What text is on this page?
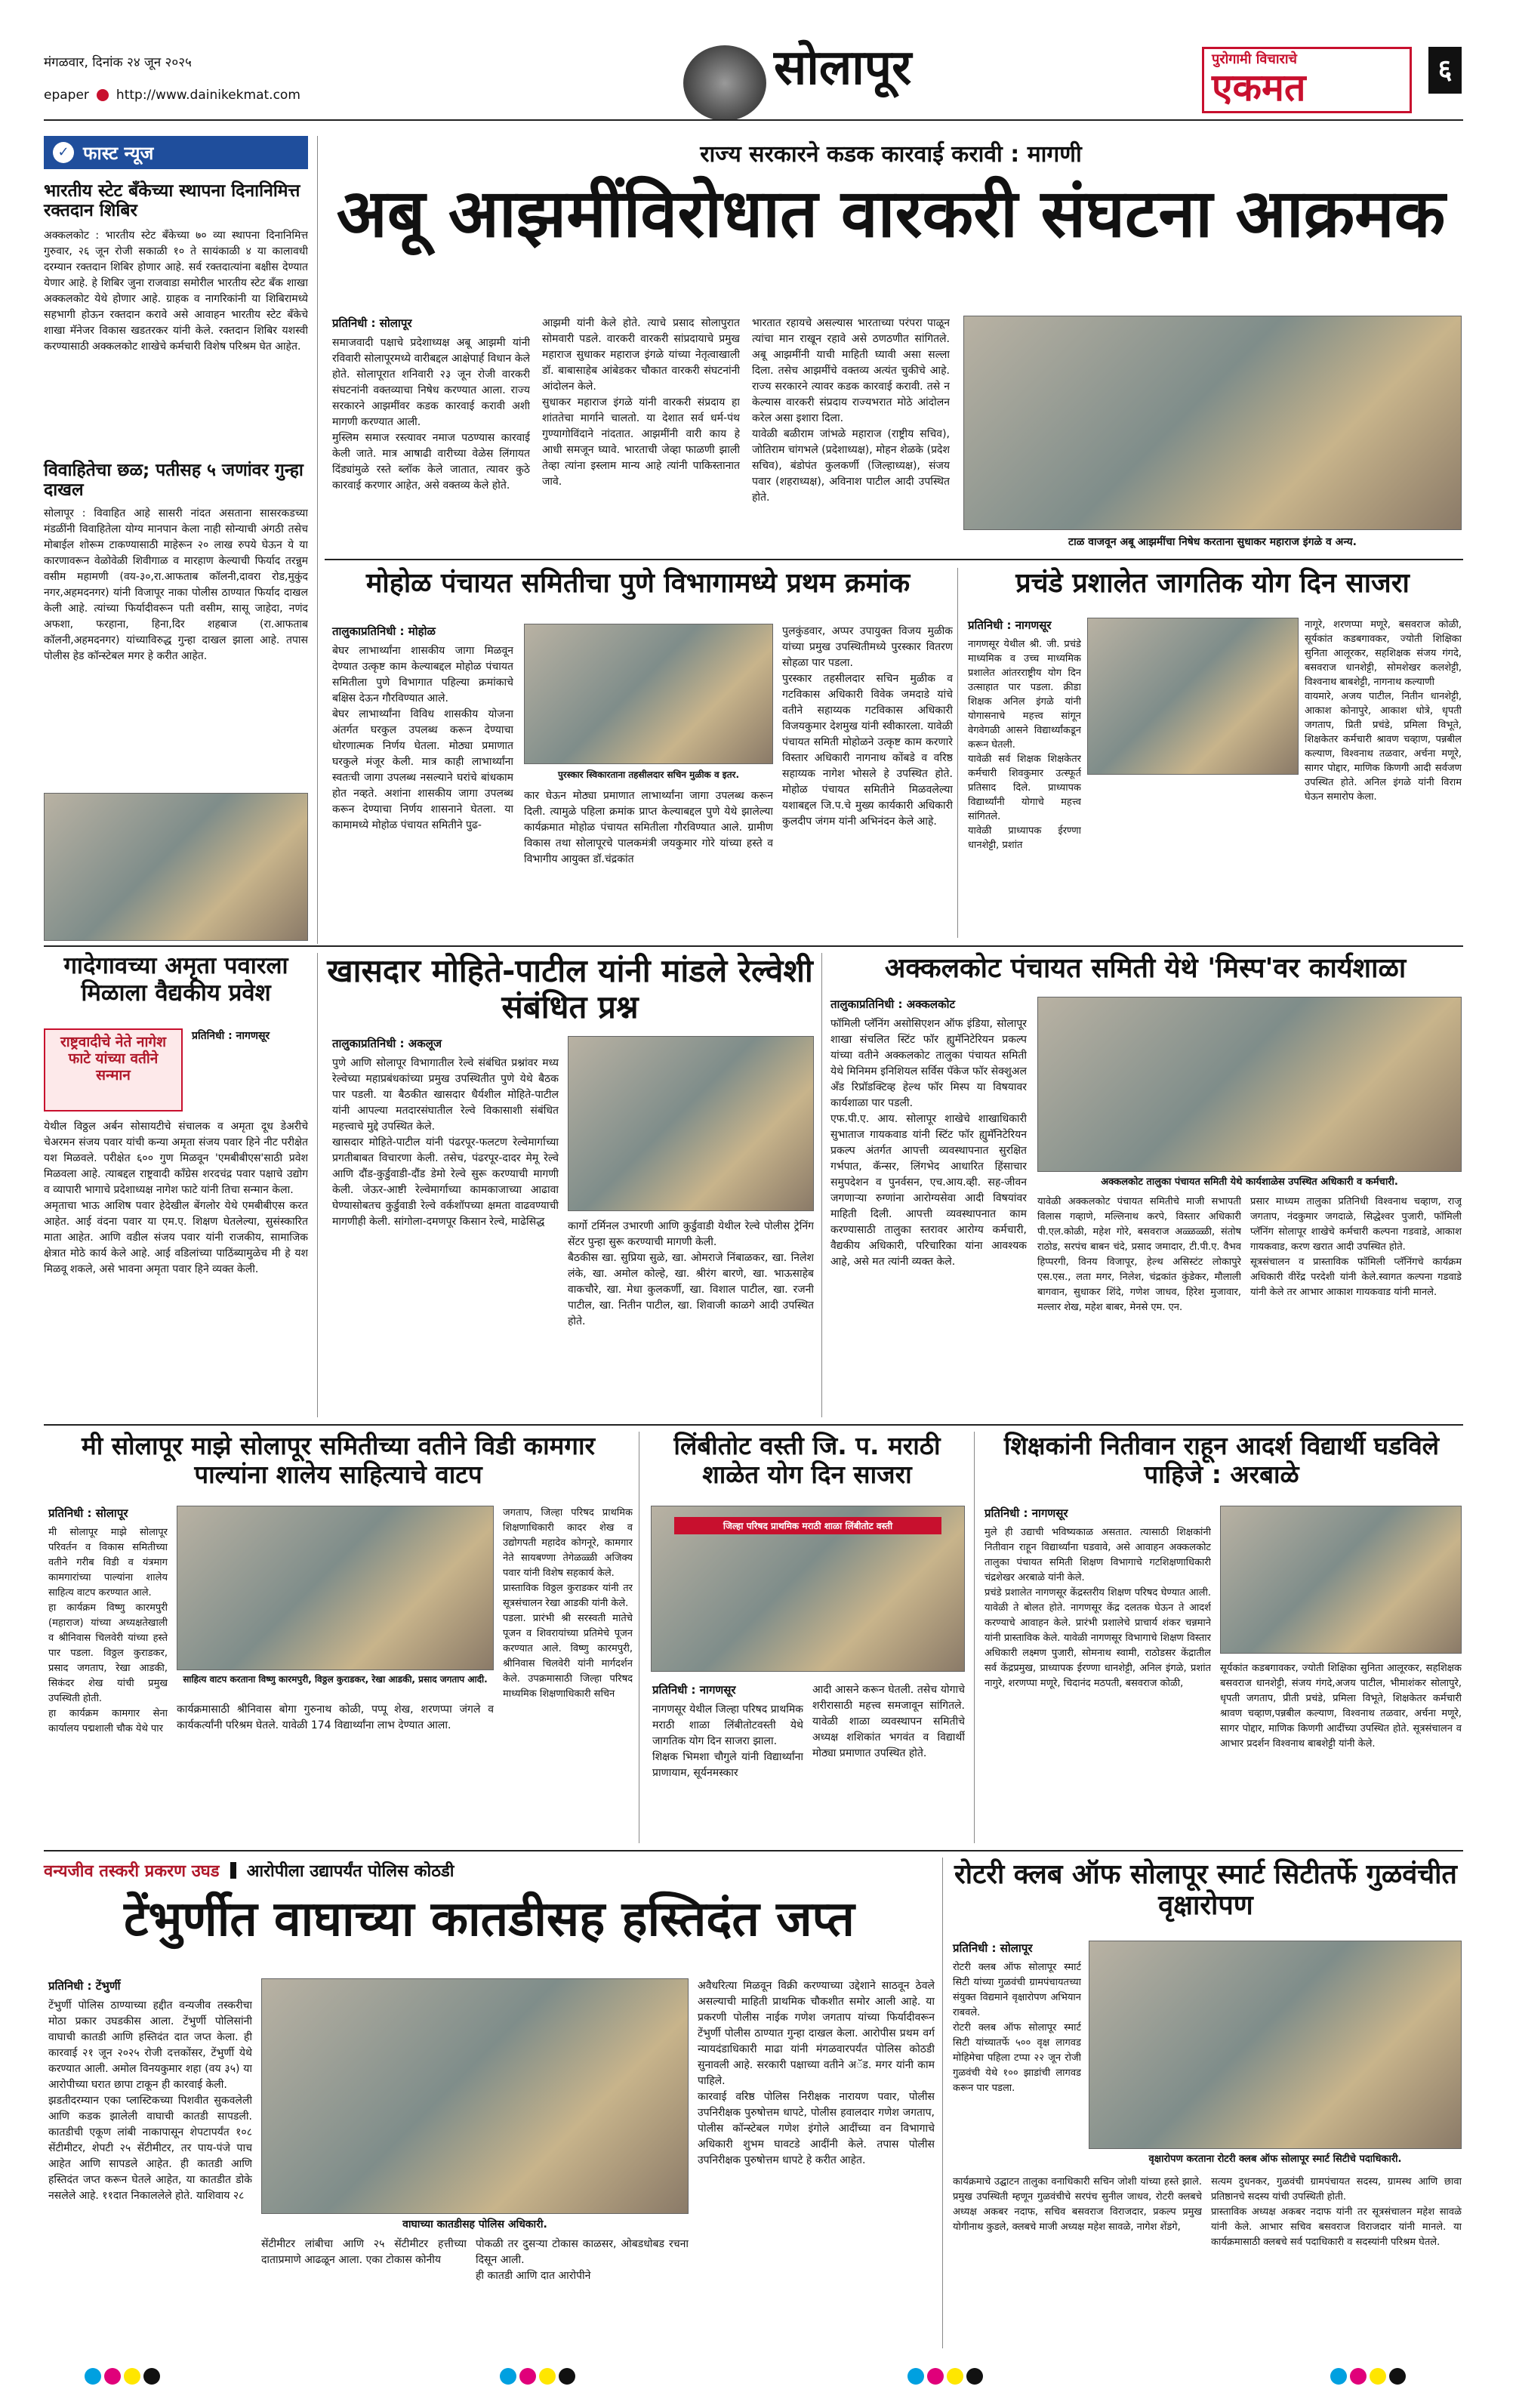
मंगळवार, दिनांक २४ जून २०२५
epaper http://www.dainikekmat.com	सोलापूर	पुरोगामी विचाराचे
एकमत	६
✓ फास्ट न्यूज
भारतीय स्टेट बँकेच्या स्थापना दिनानिमित्त रक्तदान शिबिर

अक्कलकोट : भारतीय स्टेट बँकेच्या ७० व्या स्थापना दिनानिमित्त गुरुवार, २६ जून रोजी सकाळी १० ते सायंकाळी ४ या कालावधी दरम्यान रक्तदान शिबिर होणार आहे. सर्व रक्तदात्यांना बक्षीस देण्यात येणार आहे. हे शिबिर जुना राजवाडा समोरील भारतीय स्टेट बँक शाखा अक्कलकोट येथे होणार आहे. ग्राहक व नागरिकांनी या शिबिरामध्ये सहभागी होऊन रक्तदान करावे असे आवाहन भारतीय स्टेट बँकेचे शाखा मॅनेजर विकास खडतरकर यांनी केले. रक्तदान शिबिर यशस्वी करण्यासाठी अक्कलकोट शाखेचे कर्मचारी विशेष परिश्रम घेत आहेत.

विवाहितेचा छळ; पतीसह ५ जणांवर गुन्हा दाखल

सोलापूर : विवाहित आहे सासरी नांदत असताना सासरकडच्या मंडळींनी विवाहितेला योग्य मानपान केला नाही सोन्याची अंगठी तसेच मोबाईल शोरूम टाकण्यासाठी माहेरून २० लाख रुपये घेऊन ये या कारणावरून वेळोवेळी शिवीगाळ व मारहाण केल्याची फिर्याद तरन्नुम वसीम महामणी (वय-३०,रा.आफताब कॉलनी,दावरा रोड,मुकुंद नगर,अहमदनगर) यांनी विजापूर नाका पोलीस ठाण्यात फिर्याद दाखल केली आहे. त्यांच्या फिर्यादीवरून पती वसीम, सासू जाहेदा, नणंद अफशा, फरहाना, हिना,दिर शहबाज (रा.आफताब कॉलनी,अहमदनगर) यांच्याविरुद्ध गुन्हा दाखल झाला आहे. तपास पोलीस हेड कॉन्स्टेबल मगर हे करीत आहेत.

राज्य सरकारने कडक कारवाई करावी : मागणी
अबू आझमींविरोधात वारकरी संघटना आक्रमक
प्रतिनिधी : सोलापूर

समाजवादी पक्षाचे प्रदेशाध्यक्ष अबू आझमी यांनी रविवारी सोलापूरमध्ये वारीबद्दल आक्षेपार्ह विधान केले होते. सोलापूरात शनिवारी २३ जून रोजी वारकरी संघटनांनी वक्तव्याचा निषेध करण्यात आला. राज्य सरकारने आझमींवर कडक कारवाई करावी अशी मागणी करण्यात आली.
मुस्लिम समाज रस्त्यावर नमाज पठण्यास कारवाई केली जाते. मात्र आषाढी वारीच्या वेळेस लिंगायत दिंड्यांमुळे रस्ते ब्लॉक केले जातात, त्यावर कुठे कारवाई करणार आहेत, असे वक्तव्य केले होते.

आझमी यांनी केले होते. त्याचे प्रसाद सोलापुरात सोमवारी पडले. वारकरी वारकरी सांप्रदायाचे प्रमुख महाराज सुधाकर महाराज इंगळे यांच्या नेतृत्वाखाली डॉ. बाबासाहेब आंबेडकर चौकात वारकरी संघटनांनी आंदोलन केले.
सुधाकर महाराज इंगळे यांनी वारकरी संप्रदाय हा शांततेचा मार्गाने चालतो. या देशात सर्व धर्म-पंथ गुण्यागोविंदाने नांदतात. आझमींनी वारी काय हे आधी समजून घ्यावे. भारताची जेव्हा फाळणी झाली तेव्हा त्यांना इस्लाम मान्य आहे त्यांनी पाकिस्तानात जावे.

भारतात रहायचे असल्यास भारताच्या परंपरा पाळून त्यांचा मान राखून रहावे असे ठणठणीत सांगितले. अबू आझमींनी याची माहिती घ्यावी असा सल्ला दिला. तसेच आझमींचे वक्तव्य अत्यंत चुकीचे आहे. राज्य सरकारने त्यावर कडक कारवाई करावी. तसे न केल्यास वारकरी संप्रदाय राज्यभरात मोठे आंदोलन करेल असा इशारा दिला.
यावेळी बळीराम जांभळे महाराज (राष्ट्रीय सचिव), जोतिराम चांगभले (प्रदेशाध्यक्ष), मोहन शेळके (प्रदेश सचिव), बंडोपंत कुलकर्णी (जिल्हाध्यक्ष), संजय पवार (शहराध्यक्ष), अविनाश पाटील आदी उपस्थित होते.

टाळ वाजवून अबू आझमींचा निषेध करताना सुधाकर महाराज इंगळे व अन्य.
मोहोळ पंचायत समितीचा पुणे विभागामध्ये प्रथम क्रमांक
तालुकाप्रतिनिधी : मोहोळ

बेघर लाभार्थ्यांना शासकीय जागा मिळवून देण्यात उत्कृष्ट काम केल्याबद्दल मोहोळ पंचायत समितीला पुणे विभागात पहिल्या क्रमांकाचे बक्षिस देऊन गौरविण्यात आले.
बेघर लाभार्थ्यांना विविध शासकीय योजना अंतर्गत घरकुल उपलब्ध करून देण्याचा धोरणात्मक निर्णय घेतला. मोठ्या प्रमाणात घरकुले मंजूर केली. मात्र काही लाभार्थ्यांना स्वतःची जागा उपलब्ध नसल्याने घरांचे बांधकाम होत नव्हते. अशांना शासकीय जागा उपलब्ध करून देण्याचा निर्णय शासनाने घेतला. या कामामध्ये मोहोळ पंचायत समितीने पुढ-

पुरस्कार स्विकारताना तहसीलदार सचिन मुळीक व इतर.

कार घेऊन मोठ्या प्रमाणात लाभार्थ्यांना जागा उपलब्ध करून दिली. त्यामुळे पहिला क्रमांक प्राप्त केल्याबद्दल पुणे येथे झालेल्या कार्यक्रमात मोहोळ पंचायत समितीला गौरविण्यात आले. ग्रामीण विकास तथा सोलापूरचे पालकमंत्री जयकुमार गोरे यांच्या हस्ते व विभागीय आयुक्त डॉ.चंद्रकांत

पुलकुंडवार, अप्पर उपायुक्त विजय मुळीक यांच्या प्रमुख उपस्थितीमध्ये पुरस्कार वितरण सोहळा पार पडला.
पुरस्कार तहसीलदार सचिन मुळीक व गटविकास अधिकारी विवेक जमदाडे यांचे वतीने सहाय्यक गटविकास अधिकारी विजयकुमार देशमुख यांनी स्वीकारला. यावेळी पंचायत समिती मोहोळने उत्कृष्ट काम करणारे विस्तार अधिकारी नागनाथ कोंबडे व वरिष्ठ सहाय्यक नागेश भोसले हे उपस्थित होते. मोहोळ पंचायत समितीने मिळवलेल्या यशाबद्दल जि.प.चे मुख्य कार्यकारी अधिकारी कुलदीप जंगम यांनी अभिनंदन केले आहे.

प्रचंडे प्रशालेत जागतिक योग दिन साजरा
प्रतिनिधी : नागणसूर

नागणसूर येथील श्री. जी. प्रचंडे माध्यमिक व उच्च माध्यमिक प्रशालेत आंतरराष्ट्रीय योग दिन उत्साहात पार पडला. क्रीडा शिक्षक अनिल इंगळे यांनी योगासनाचे महत्त्व सांगून वेगवेगळी आसने विद्यार्थ्यांकडून करून घेतली.
यावेळी सर्व शिक्षक शिक्षकेतर कर्मचारी शिवकुमार उत्स्फूर्त प्रतिसाद दिले. प्राध्यापक विद्यार्थ्यांनी योगाचे महत्त्व सांगितले.
यावेळी प्राध्यापक ईरण्णा धानशेट्टी, प्रशांत

नागूरे, शरणप्पा मणूरे, बसवराज कोळी, सूर्यकांत कडबगावकर, ज्योती शिक्षिका सुनिता आलूरकर, सहशिक्षक संजय गंगदे, बसवराज धानशेट्टी, सोमशेखर कलशेट्टी, विश्वनाथ बाबशेट्टी, नागनाथ कल्याणी
वायमारे, अजय पाटील, नितीन धानशेट्टी, आकाश कोनापुरे, आकाश धोत्रे, धृपती जगताप, प्रिती प्रचंडे, प्रमिला विभूते, शिक्षकेतर कर्मचारी श्रावण चव्हाण, पन्नबील कल्याण, विश्वनाथ तळवार, अर्चना मणूरे, सागर पोद्दार, माणिक किणगी आदी सर्वजण उपस्थित होते. अनिल इंगळे यांनी विराम घेऊन समारोप केला.

गादेगावच्या अमृता पवारला मिळाला वैद्यकीय प्रवेश
राष्ट्रवादीचे नेते नागेश फाटे यांच्या वतीने सन्मान
प्रतिनिधी : नागणसूर

येथील विठ्ठल अर्बन सोसायटीचे संचालक व अमृता दूध डेअरीचे चेअरमन संजय पवार यांची कन्या अमृता संजय पवार हिने नीट परीक्षेत यश मिळवले. परीक्षेत ६०० गुण मिळवून 'एमबीबीएस'साठी प्रवेश मिळवला आहे. त्याबद्दल राष्ट्रवादी काँग्रेस शरदचंद्र पवार पक्षाचे उद्योग व व्यापारी भागाचे प्रदेशाध्यक्ष नागेश फाटे यांनी तिचा सन्मान केला.
अमृताचा भाऊ आशिष पवार हेदेखील बेंगलोर येथे एमबीबीएस करत आहेत. आई वंदना पवार या एम.ए. शिक्षण घेतलेल्या, सुसंस्कारित माता आहेत. आणि वडील संजय पवार यांनी राजकीय, सामाजिक क्षेत्रात मोठे कार्य केले आहे. आई वडिलांच्या पाठिंब्यामुळेच मी हे यश मिळवू शकले, असे भावना अमृता पवार हिने व्यक्त केली.

खासदार मोहिते-पाटील यांनी मांडले रेल्वेशी संबंधित प्रश्न
तालुकाप्रतिनिधी : अकलूज

पुणे आणि सोलापूर विभागातील रेल्वे संबंधित प्रश्नांवर मध्य रेल्वेच्या महाप्रबंधकांच्या प्रमुख उपस्थितीत पुणे येथे बैठक पार पडली. या बैठकीत खासदार धैर्यशील मोहिते-पाटील यांनी आपल्या मतदारसंघातील रेल्वे विकासाशी संबंधित महत्त्वाचे मुद्दे उपस्थित केले.
खासदार मोहिते-पाटील यांनी पंढरपूर-फलटण रेल्वेमार्गाच्या प्रगतीबाबत विचारणा केली. तसेच, पंढरपूर-दादर मेमू रेल्वे आणि दौंड-कुर्डुवाडी-दौंड डेमो रेल्वे सुरू करण्याची मागणी केली. जेऊर-आष्टी रेल्वेमार्गाच्या कामकाजाच्या आढावा घेण्यासोबतच कुर्डुवाडी रेल्वे वर्कशॉपच्या क्षमता वाढवण्याची मागणीही केली. सांगोला-दमणपूर किसान रेल्वे, माढेसिद्ध	कार्गो टर्मिनल उभारणी आणि कुर्डुवाडी येथील रेल्वे पोलीस ट्रेनिंग सेंटर पुन्हा सुरू करण्याची मागणी केली.
बैठकीस खा. सुप्रिया सुळे, खा. ओमराजे निंबाळकर, खा. निलेश लंके, खा. अमोल कोल्हे, खा. श्रीरंग बारणे, खा. भाऊसाहेब वाकचौरे, खा. मेधा कुलकर्णी, खा. विशाल पाटील, खा. रजनी पाटील, खा. नितीन पाटील, खा. शिवाजी काळगे आदी उपस्थित होते.

अक्कलकोट पंचायत समिती येथे 'मिस्प'वर कार्यशाळा
तालुकाप्रतिनिधी : अक्कलकोट

फॉमिली प्लॅनिंग असोसिएशन ऑफ इंडिया, सोलापूर शाखा संचलित स्टिंट फॉर ह्युमॅनिटेरियन प्रकल्प यांच्या वतीने अक्कलकोट तालुका पंचायत समिती येथे मिनिमम इनिशियल सर्विस पॅकेज फॉर सेक्शुअल अँड रिप्रॉडक्टिव्ह हेल्थ फॉर मिस्प या विषयावर कार्यशाळा पार पडली.
एफ.पी.ए. आय. सोलापूर शाखेचे शाखाधिकारी सुभाताज गायकवाड यांनी स्टिंट फॉर ह्युमॅनिटेरियन प्रकल्प अंतर्गत आपत्ती व्यवस्थापनात सुरक्षित गर्भपात, कॅन्सर, लिंगभेद आधारित हिंसाचार समुपदेशन व पुनर्वसन, एच.आय.व्ही. सह-जीवन जगणाऱ्या रुग्णांना आरोग्यसेवा आदी विषयांवर माहिती दिली. आपत्ती व्यवस्थापनात काम करण्यासाठी तालुका स्तरावर आरोग्य कर्मचारी, वैद्यकीय अधिकारी, परिचारिका यांना आवश्यक आहे, असे मत त्यांनी व्यक्त केले.

अक्कलकोट तालुका पंचायत समिती येथे कार्यशाळेस उपस्थित अधिकारी व कर्मचारी.

यावेळी अक्कलकोट पंचायत समितीचे माजी सभापती विलास गव्हाणे, मल्लिनाथ करपे, विस्तार अधिकारी पी.एल.कोळी, महेश गोरे, बसवराज अळ्ळळ्ळी, संतोष राठोड, सरपंच बाबन चंदे, प्रसाद जमादार, टी.पी.ए. वैभव हिप्परगी, विनय विजापूर, हेल्थ असिस्टंट लोकापुरे एस.एस., लता मगर, निलेश, चंद्रकांत कुंडेकर, मौलाली बागवान, सुधाकर शिंदे, गणेश जाधव, हिरेश मुजावार, मल्लार शेख, महेश बाबर, मेनसे एम. एन.

प्रसार माध्यम तालुका प्रतिनिधी विश्वनाथ चव्हाण, राजू जगताप, नंदकुमार जगदाळे, सिद्धेश्वर पुजारी, फॉमिली प्लॅनिंग सोलापूर शाखेचे कर्मचारी कल्पना गडवाडे, आकाश गायकवाड, करण खरात आदी उपस्थित होते.
सूत्रसंचालन व प्रास्ताविक फॉमिली प्लॅनिंगचे कार्यक्रम अधिकारी वीरेंद्र परदेशी यांनी केले.स्वागत कल्पना गडवाडे यांनी केले तर आभार आकाश गायकवाड यांनी मानले.

मी सोलापूर माझे सोलापूर समितीच्या वतीने विडी कामगार पाल्यांना शालेय साहित्याचे वाटप
प्रतिनिधी : सोलापूर

मी सोलापूर माझे सोलापूर परिवर्तन व विकास समितीच्या वतीने गरीब विडी व यंत्रमाग कामगारांच्या पाल्यांना शालेय साहित्य वाटप करण्यात आले.
हा कार्यक्रम विष्णु कारमपुरी (महाराज) यांच्या अध्यक्षतेखाली व श्रीनिवास चिलवेरी यांच्या हस्ते पार पडला. विठ्ठल कुराडकर, प्रसाद जगताप, रेखा आडकी, सिकंदर शेख यांची प्रमुख उपस्थिती होती.
हा कार्यक्रम कामगार सेना कार्यालय पद्मशाली चौक येथे पार

साहित्य वाटप करताना विष्णु कारमपुरी, विठ्ठल कुराडकर, रेखा आडकी, प्रसाद जगताप आदी.

जगताप, जिल्हा परिषद प्राथमिक शिक्षणाधिकारी कादर शेख व उद्योगपती महादेव कोगनूरे, कामगार नेते सायबण्णा तेगेळळ्ळी अजिक्य पवार यांनी विशेष सहकार्य केले.
प्रास्ताविक विठ्ठल कुराडकर यांनी तर सूत्रसंचालन रेखा आडकी यांनी केले.
पडला. प्रारंभी श्री सरस्वती मातेचे पूजन व शिवरायांच्या प्रतिमेचे पूजन करण्यात आले. विष्णु कारमपुरी, श्रीनिवास चिलवेरी यांनी मार्गदर्शन केले. उपक्रमासाठी जिल्हा परिषद माध्यमिक शिक्षणाधिकारी सचिन

कार्यक्रमासाठी श्रीनिवास बोगा गुरुनाथ कोळी, पप्पू शेख, शरणप्पा जंगले व कार्यकर्त्यांनी परिश्रम घेतले. यावेळी 174 विद्यार्थ्यांना लाभ देण्यात आला.

लिंबीतोट वस्ती जि. प. मराठी शाळेत योग दिन साजरा
जिल्हा परिषद प्राथमिक मराठी शाळा लिंबीतोट वस्ती
प्रतिनिधी : नागणसूर

नागणसूर येथील जिल्हा परिषद प्राथमिक मराठी शाळा लिंबीतोटवस्ती येथे जागतिक योग दिन साजरा झाला.
शिक्षक भिमशा चौगुले यांनी विद्यार्थ्यांना प्राणायाम, सूर्यनमस्कार

आदी आसने करून घेतली. तसेच योगाचे शरीरासाठी महत्त्व समजावून सांगितले. यावेळी शाळा व्यवस्थापन समितीचे अध्यक्ष शशिकांत भगवंत व विद्यार्थी मोठ्या प्रमाणात उपस्थित होते.

शिक्षकांनी नितीवान राहून आदर्श विद्यार्थी घडविले पाहिजे : अरबाळे
प्रतिनिधी : नागणसूर

मुले ही उद्याची भविष्यकाळ असतात. त्यासाठी शिक्षकांनी नितीवान राहून विद्यार्थ्यांना घडवावे, असे आवाहन अक्कलकोट तालुका पंचायत समिती शिक्षण विभागाचे गटशिक्षणाधिकारी चंद्रशेखर अरबाळे यांनी केले.
प्रचंडे प्रशालेत नागणसूर केंद्रस्तरीय शिक्षण परिषद घेण्यात आली. यावेळी ते बोलत होते. नागणसूर केंद्र दलतक घेऊन ते आदर्श करण्याचे आवाहन केले. प्रारंभी प्रशालेचे प्राचार्य शंकर चन्नमाने यांनी प्रास्ताविक केले. यावेळी नागणसूर विभागाचे शिक्षण विस्तार अधिकारी लक्ष्मण पुजारी, सोमनाथ स्वामी, राठोडसर केंद्रातील सर्व केंद्रप्रमुख, प्राध्यापक ईरण्णा धानशेट्टी, अनिल इंगळे, प्रशांत नागुरे, शरणप्पा मणूरे, चिदानंद मठपती, बसवराज कोळी,

सूर्यकांत कडबगावकर, ज्योती शिक्षिका सुनिता आलूरकर, सहशिक्षक बसवराज धानशेट्टी, संजय गंगदे,अजय पाटील, भीमाशंकर सोलापुरे, धृपती जगताप, प्रीती प्रचंडे, प्रमिला विभूते, शिक्षकेतर कर्मचारी श्रावण चव्हाण,पन्नबील कल्याण, विश्वनाथ तळवार, अर्चना मणूरे, सागर पोद्दार, माणिक किणगी आदींच्या उपस्थित होते. सूत्रसंचालन व आभार प्रदर्शन विश्वनाथ बाबशेट्टी यांनी केले.

वन्यजीव तस्करी प्रकरण उघड आरोपीला उद्यापर्यंत पोलिस कोठडी
टेंभुर्णीत वाघाच्या कातडीसह हस्तिदंत जप्त
प्रतिनिधी : टेंभुर्णी

टेंभुर्णी पोलिस ठाण्याच्या हद्दीत वन्यजीव तस्करीचा मोठा प्रकार उघडकीस आला. टेंभुर्णी पोलिसांनी वाघाची कातडी आणि हस्तिदंत दात जप्त केला. ही कारवाई २१ जून २०२५ रोजी दत्तकोंसर, टेंभुर्णी येथे करण्यात आली. अमोल विनयकुमार शहा (वय ३५) या आरोपीच्या घरात छापा टाकून ही कारवाई केली.
झडतीदरम्यान एका प्लास्टिकच्या पिशवीत सुकवलेली आणि कडक झालेली वाघाची कातडी सापडली. कातडीची एकूण लांबी नाकापासून शेपटापर्यंत १०८ सेंटीमीटर, शेपटी २५ सेंटीमीटर, तर पाय-पंजे पाच आहेत आणि सापडले आहेत. ही कातडी आणि हस्तिदंत जप्त करून घेतले आहेत, या कातडीत डोके नसलेले आहे. ११दात निकाललेले होते. याशिवाय २८

वाघाच्या कातडीसह पोलिस अधिकारी.

सेंटीमीटर लांबीचा आणि २५ सेंटीमीटर हत्तीच्या दाताप्रमाणे आढळून आला. एका टोकास कोनीय

पोकळी तर दुसऱ्या टोकास काळसर, ओबडधोबड रचना दिसून आली.
ही कातडी आणि दात आरोपीने

अवैधरित्या मिळवून विक्री करण्याच्या उद्देशाने साठवून ठेवले असल्याची माहिती प्राथमिक चौकशीत समोर आली आहे. या प्रकरणी पोलीस नाईक गणेश जगताप यांच्या फिर्यादीवरून टेंभुर्णी पोलीस ठाण्यात गुन्हा दाखल केला. आरोपीस प्रथम वर्ग न्यायदंडाधिकारी माढा यांनी मंगळवारपर्यंत पोलिस कोठडी सुनावली आहे. सरकारी पक्षाच्या वतीने अॅड. मगर यांनी काम पाहिले.
कारवाई वरिष्ठ पोलिस निरीक्षक नारायण पवार, पोलीस उपनिरीक्षक पुरुषोत्तम धापटे, पोलीस हवालदार गणेश जगताप, पोलीस कॉन्स्टेबल गणेश इंगोले आदींच्या वन विभागाचे अधिकारी शुभम घावटडे आदींनी केले. तपास पोलीस उपनिरीक्षक पुरुषोत्तम धापटे हे करीत आहेत.

रोटरी क्लब ऑफ सोलापूर स्मार्ट सिटीतर्फे गुळवंचीत वृक्षारोपण
प्रतिनिधी : सोलापूर

रोटरी क्लब ऑफ सोलापूर स्मार्ट सिटी यांच्या गुळवंची ग्रामपंचायतच्या संयुक्त विद्यमाने वृक्षारोपण अभियान राबवले.
रोटरी क्लब ऑफ सोलापूर स्मार्ट सिटी यांच्यातर्फे ५०० वृक्ष लागवड मोहिमेचा पहिला टप्पा २२ जून रोजी गुळवंची येथे १०० झाडांची लागवड करून पार पडला.

वृक्षारोपण करताना रोटरी क्लब ऑफ सोलापूर स्मार्ट सिटीचे पदाधिकारी.

कार्यक्रमाचे उद्घाटन तालुका वनाधिकारी सचिन जोशी यांच्या हस्ते झाले. प्रमुख उपस्थिती म्हणून गुळवंचीचे सरपंच सुनील जाधव, रोटरी क्लबचे अध्यक्ष अकबर नदाफ, सचिव बसवराज विराजदार, प्रकल्प प्रमुख योगीनाथ कुडले, क्लबचे माजी अध्यक्ष महेश सावळे, नागेश शेंडगे,

सत्यम दुधनकर, गुळवंची ग्रामपंचायत सदस्य, ग्रामस्थ आणि छावा प्रतिष्ठानचे सदस्य यांची उपस्थिती होती.
प्रास्ताविक अध्यक्ष अकबर नदाफ यांनी तर सूत्रसंचालन महेश सावळे यांनी केले. आभार सचिव बसवराज विराजदार यांनी मानले. या कार्यक्रमासाठी क्लबचे सर्व पदाधिकारी व सदस्यांनी परिश्रम घेतले.
